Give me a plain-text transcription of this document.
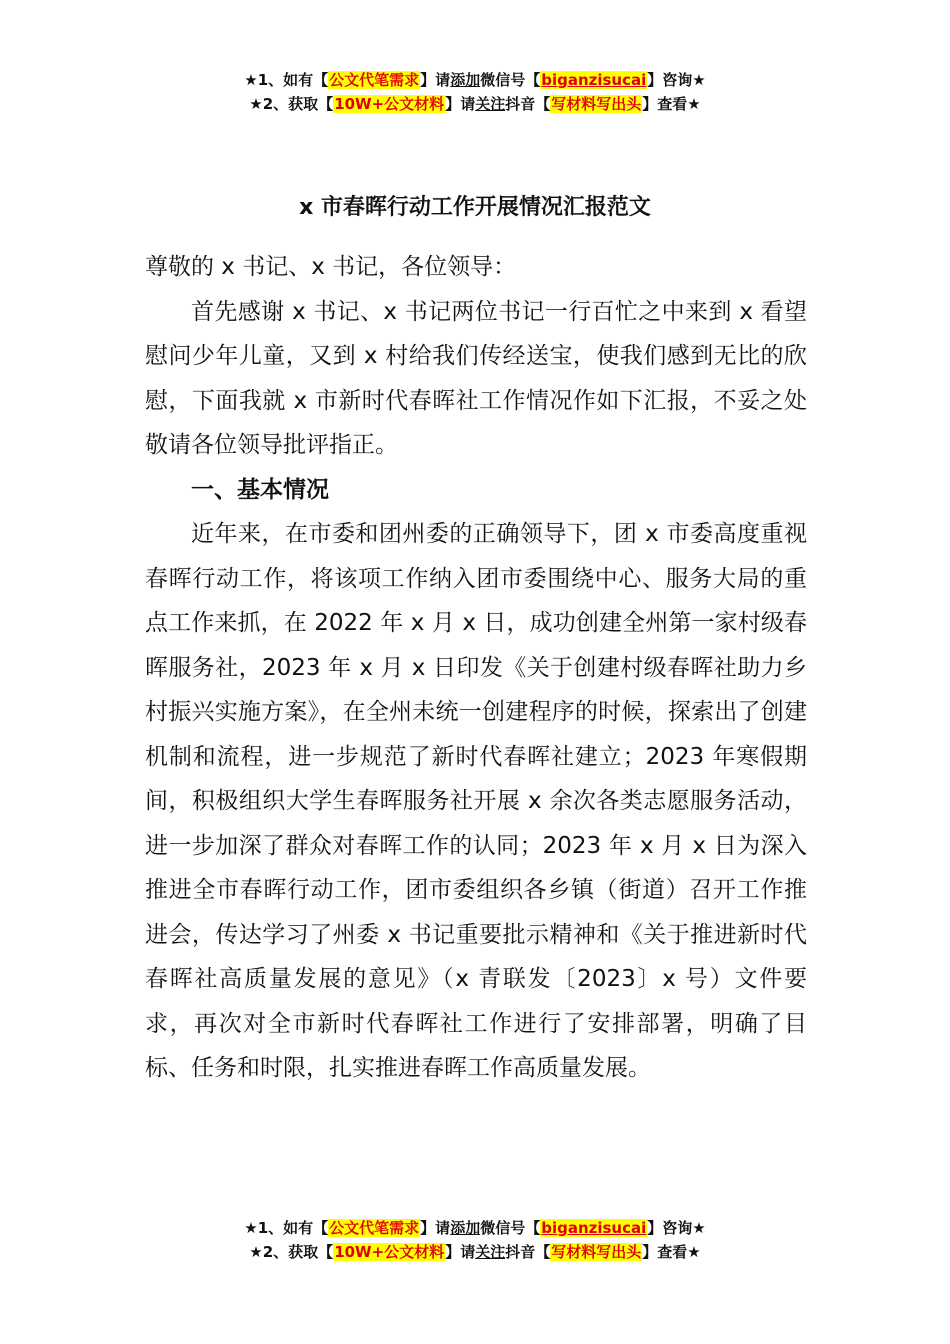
★1、如有【公文代笔需求】请添加微信号【biganzisucai】咨询★
★2、获取【10W+公文材料】请关注抖音【写材料写出头】查看★
x 市春晖行动工作开展情况汇报范文

尊敬的 x 书记、x 书记，各位领导：

首先感谢 x 书记、x 书记两位书记一行百忙之中来到 x 看望慰问少年儿童，又到 x 村给我们传经送宝，使我们感到无比的欣慰，下面我就 x 市新时代春晖社工作情况作如下汇报，不妥之处敬请各位领导批评指正。

一、基本情况

近年来，在市委和团州委的正确领导下，团 x 市委高度重视春晖行动工作，将该项工作纳入团市委围绕中心、服务大局的重点工作来抓，在 2022 年 x 月 x 日，成功创建全州第一家村级春晖服务社，2023 年 x 月 x 日印发《关于创建村级春晖社助力乡村振兴实施方案》，在全州未统一创建程序的时候，探索出了创建机制和流程，进一步规范了新时代春晖社建立；2023 年寒假期间，积极组织大学生春晖服务社开展 x 余次各类志愿服务活动，进一步加深了群众对春晖工作的认同；2023 年 x 月 x 日为深入推进全市春晖行动工作，团市委组织各乡镇（街道）召开工作推进会，传达学习了州委 x 书记重要批示精神和《关于推进新时代春晖社高质量发展的意见》（x 青联发〔2023〕x 号）文件要求，再次对全市新时代春晖社工作进行了安排部署，明确了目标、任务和时限，扎实推进春晖工作高质量发展。

★1、如有【公文代笔需求】请添加微信号【biganzisucai】咨询★
★2、获取【10W+公文材料】请关注抖音【写材料写出头】查看★
